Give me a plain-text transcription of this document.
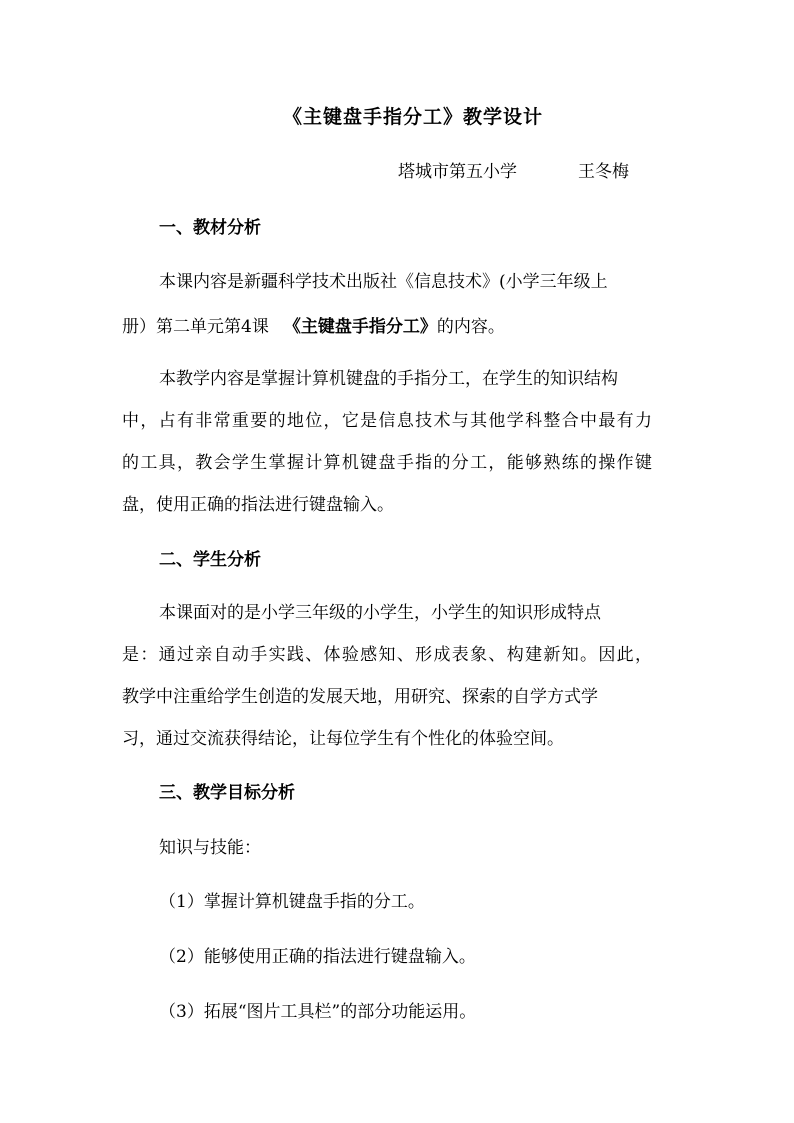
《主键盘手指分工》教学设计

塔城市第五小学	王冬梅

一、教材分析

本课内容是新疆科学技术出版社《信息技术》(小学三年级上

册）第二单元第4课 《主键盘手指分工》的内容。

本教学内容是掌握计算机键盘的手指分工，在学生的知识结构

中，占有非常重要的地位，它是信息技术与其他学科整合中最有力

的工具，教会学生掌握计算机键盘手指的分工，能够熟练的操作键

盘，使用正确的指法进行键盘输入。

二、学生分析

本课面对的是小学三年级的小学生，小学生的知识形成特点

是：通过亲自动手实践、体验感知、形成表象、构建新知。因此，

教学中注重给学生创造的发展天地，用研究、探索的自学方式学

习，通过交流获得结论，让每位学生有个性化的体验空间。

三、教学目标分析

知识与技能：

（1）掌握计算机键盘手指的分工。

（2）能够使用正确的指法进行键盘输入。

（3）拓展“图片工具栏”的部分功能运用。
